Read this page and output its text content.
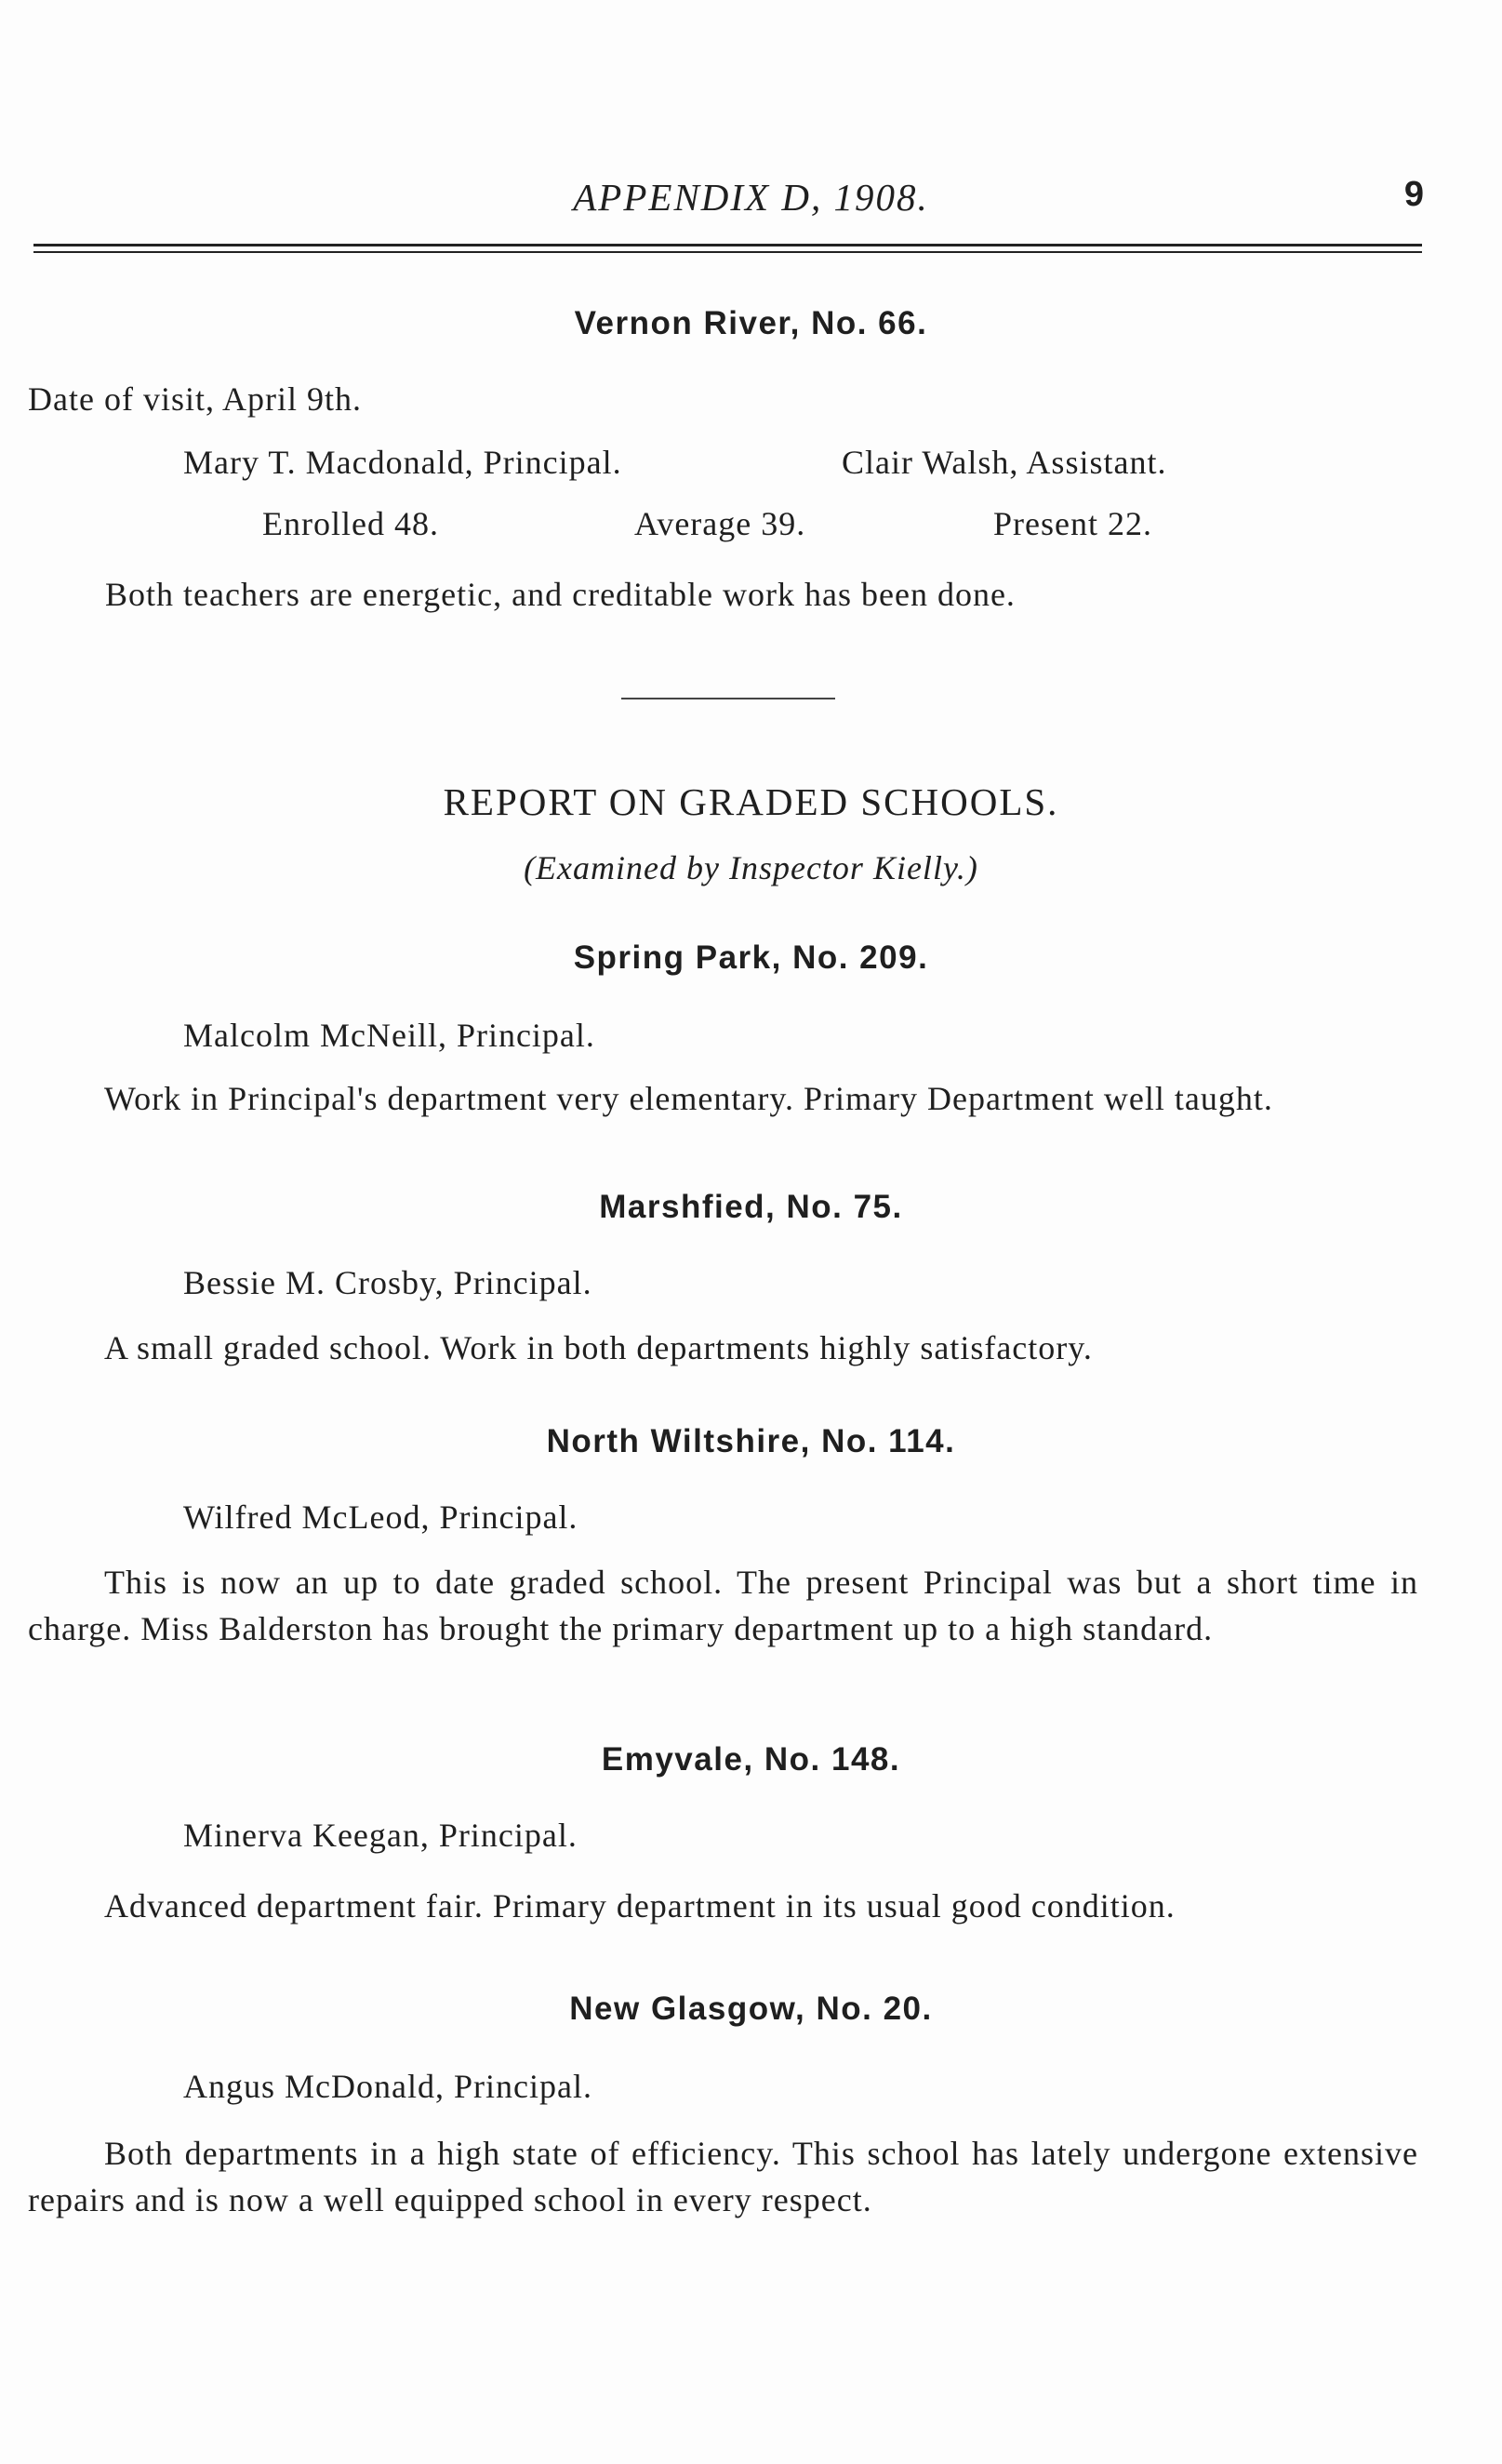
APPENDIX D, 1908.	9
Vernon River, No. 66.
Date of visit, April 9th.
Mary T. Macdonald, Principal.	Clair Walsh, Assistant.
Enrolled 48.	Average 39.	Present 22.
Both teachers are energetic, and creditable work has been done.
REPORT ON GRADED SCHOOLS.
(Examined by Inspector Kielly.)
Spring Park, No. 209.
Malcolm McNeill, Principal.
Work in Principal's department very elementary. Primary Department well taught.
Marshfied, No. 75.
Bessie M. Crosby, Principal.
A small graded school. Work in both departments highly satisfactory.
North Wiltshire, No. 114.
Wilfred McLeod, Principal.
This is now an up to date graded school. The present Principal was but a short time in charge. Miss Balderston has brought the primary department up to a high standard.
Emyvale, No. 148.
Minerva Keegan, Principal.
Advanced department fair. Primary department in its usual good condition.
New Glasgow, No. 20.
Angus McDonald, Principal.
Both departments in a high state of efficiency. This school has lately undergone extensive repairs and is now a well equipped school in every respect.
